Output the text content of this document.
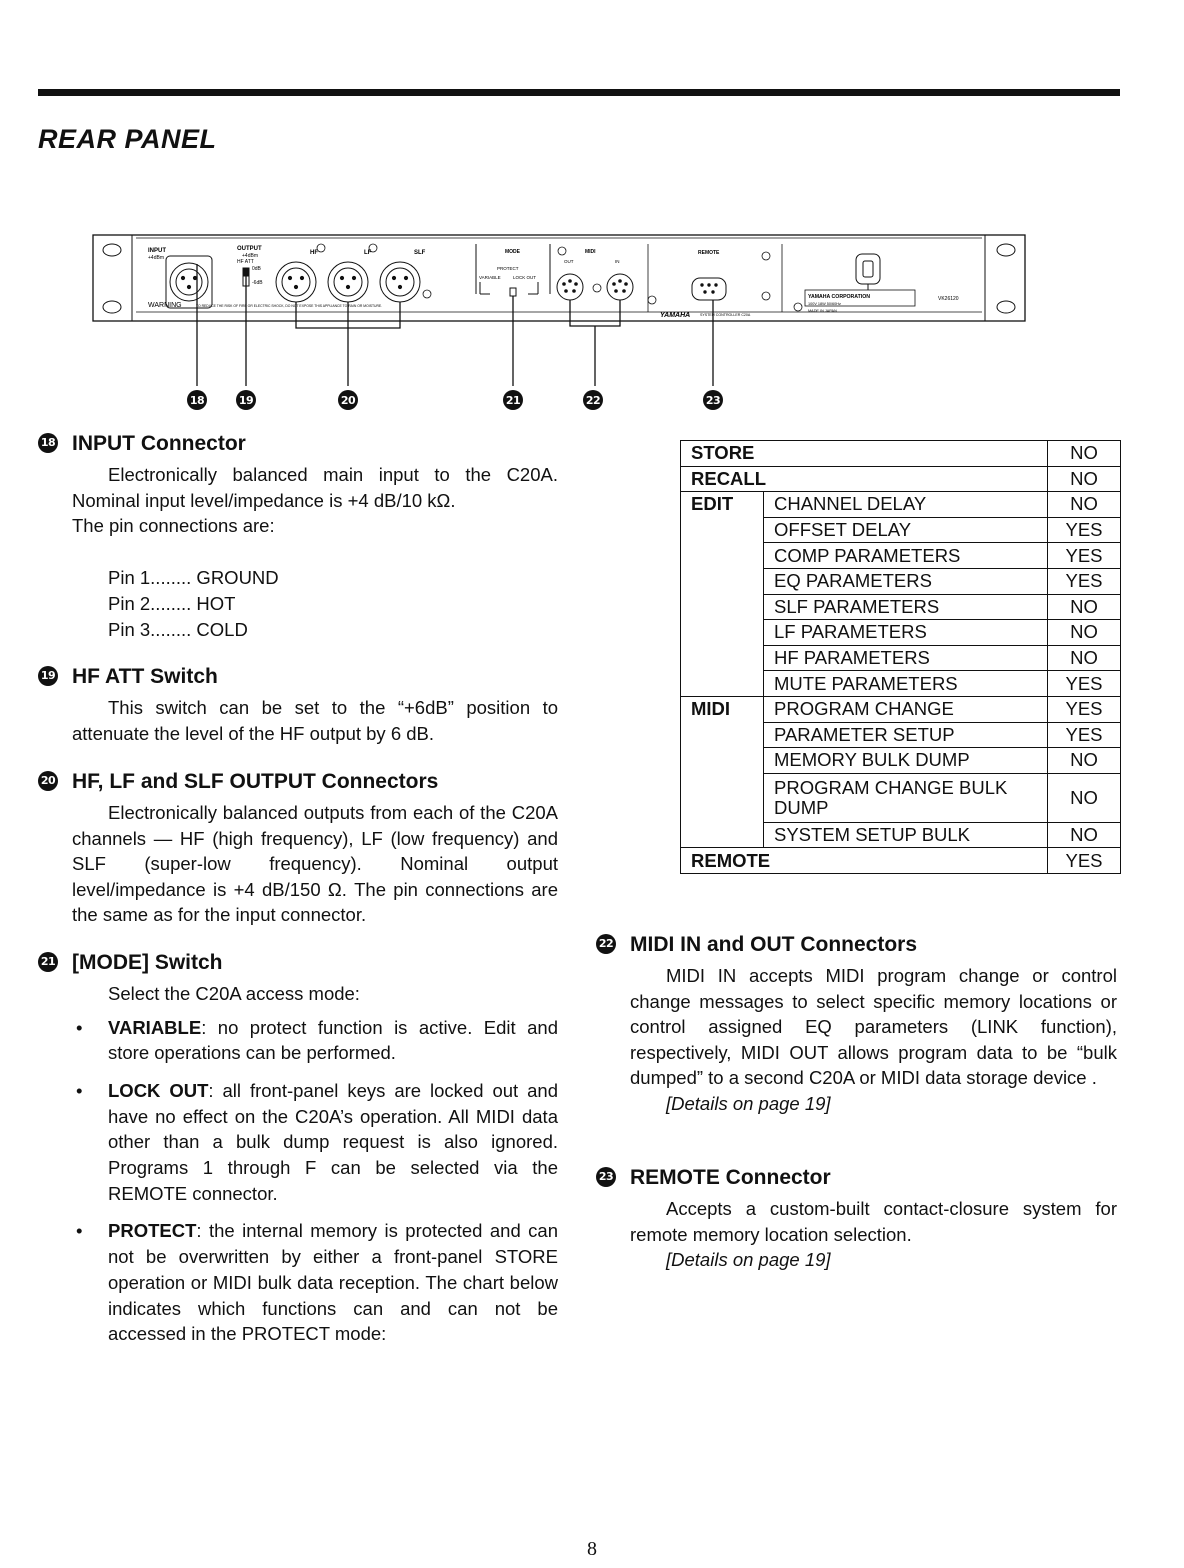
REAR PANEL
INPUT
+4dBm
OUTPUT
+4dBm
HF ATT
0dB
-6dB
HF	LF	SLF	MODE
PROTECT
VARIABLE	LOCK OUT
MIDI
OUT	IN
REMOTE
WARNING	TO REDUCE THE RISK OF FIRE OR ELECTRIC SHOCK, DO NOT EXPOSE THIS APPLIANCE TO RAIN OR MOISTURE.
YAMAHA	SYSTEM CONTROLLER C20A
YAMAHA CORPORATION
100V 18W 50/60Hz
MADE IN JAPAN
VK26120
18	19	20	21	22	23
18 INPUT Connector

Electronically balanced main input to the C20A. Nominal input level/impedance is +4 dB/10 kΩ.

The pin connections are:

Pin 1........ GROUND
Pin 2........ HOT
Pin 3........ COLD
19 HF ATT Switch

This switch can be set to the “+6dB” position to attenuate the level of the HF output by 6 dB.

20 HF, LF and SLF OUTPUT Connectors

Electronically balanced outputs from each of the C20A channels — HF (high frequency), LF (low frequency) and SLF (super-low frequency). Nominal output level/impedance is +4 dB/150 Ω. The pin connections are the same as for the input connector.

21 [MODE] Switch

Select the C20A access mode:

• VARIABLE: no protect function is active. Edit and store operations can be performed.
• LOCK OUT: all front-panel keys are locked out and have no effect on the C20A’s operation. All MIDI data other than a bulk dump request is also ignored. Programs 1 through F can be selected via the REMOTE connector.
• PROTECT: the internal memory is protected and can not be overwritten by either a front-panel STORE operation or MIDI bulk data reception. The chart below indicates which functions can and can not be accessed in the PROTECT mode:
STORE		NO
RECALL		NO
EDIT	CHANNEL DELAY	NO
	OFFSET DELAY	YES
	COMP PARAMETERS	YES
	EQ PARAMETERS	YES
	SLF PARAMETERS	NO
	LF PARAMETERS	NO
	HF PARAMETERS	NO
	MUTE PARAMETERS	YES
MIDI	PROGRAM CHANGE	YES
	PARAMETER SETUP	YES
	MEMORY BULK DUMP	NO
	PROGRAM CHANGE BULK DUMP	NO
	SYSTEM SETUP BULK	NO
REMOTE		YES
22 MIDI IN and OUT Connectors

MIDI IN accepts MIDI program change or control change messages to select specific memory locations or control assigned EQ parameters (LINK function), respectively, MIDI OUT allows program data to be “bulk dumped” to a second C20A or MIDI data storage device .

[Details on page 19]
23 REMOTE Connector

Accepts a custom-built contact-closure system for remote memory location selection.

[Details on page 19]
8
